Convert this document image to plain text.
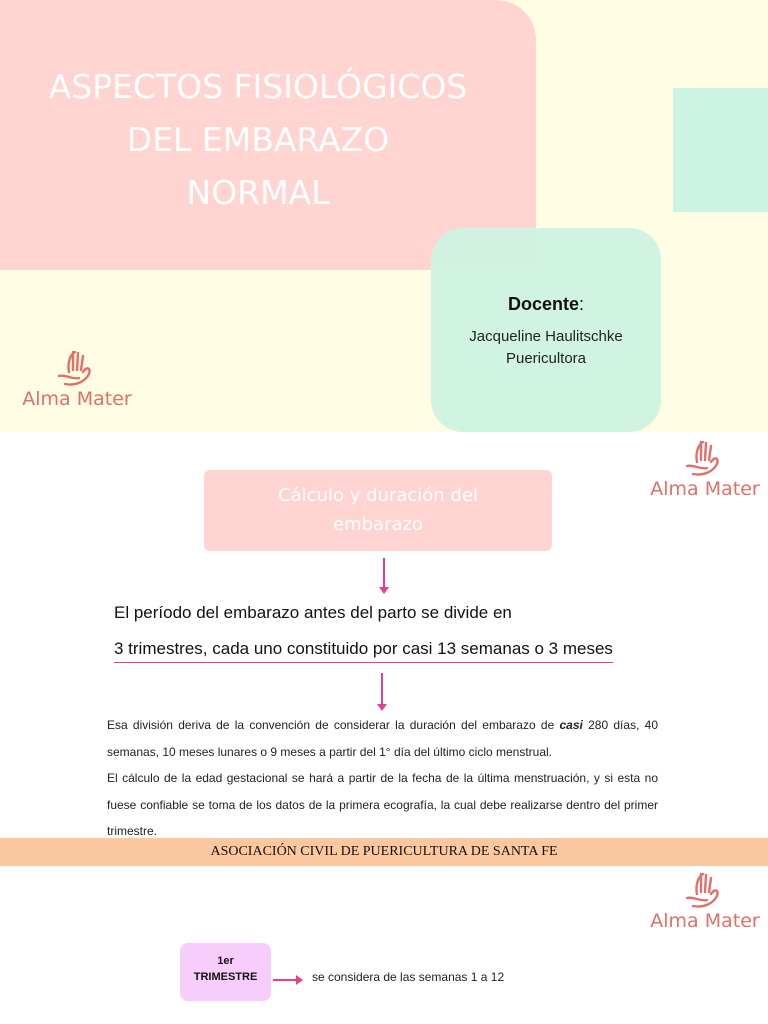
ASPECTOS FISIOLÓGICOS
DEL EMBARAZO
NORMAL
Docente:
Jacqueline Haulitschke
Puericultora
Alma Mater
Alma Mater
Cálculo y duración del
embarazo
El período del embarazo antes del parto se divide en
3 trimestres, cada uno constituido por casi 13 semanas o 3 meses

Esa división deriva de la convención de considerar la duración del embarazo de casi 280 días, 40 semanas, 10 meses lunares o 9 meses a partir del 1° día del último ciclo menstrual.

El cálculo de la edad gestacional se hará a partir de la fecha de la última menstruación, y si esta no fuese confiable se toma de los datos de la primera ecografía, la cual debe realizarse dentro del primer trimestre.

ASOCIACIÓN CIVIL DE PUERICULTURA DE SANTA FE
Alma Mater
1er
TRIMESTRE	se considera de las semanas 1 a 12
